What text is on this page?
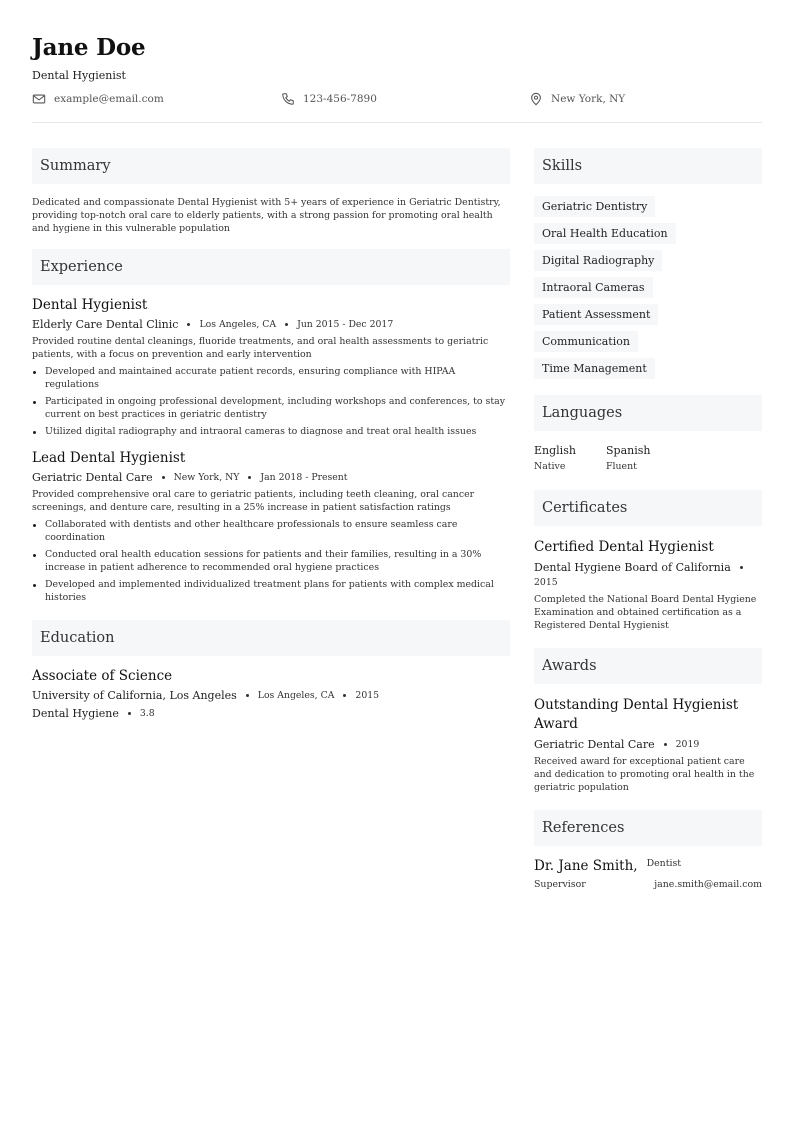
Jane Doe
Dental Hygienist
example@email.com	123-456-7890	New York, NY
Summary
Dedicated and compassionate Dental Hygienist with 5+ years of experience in Geriatric Dentistry, providing top-notch oral care to elderly patients, with a strong passion for promoting oral health and hygiene in this vulnerable population
Experience
Dental Hygienist
Elderly Care Dental Clinic Los Angeles, CA Jun 2015 - Dec 2017
Provided routine dental cleanings, fluoride treatments, and oral health assessments to geriatric patients, with a focus on prevention and early intervention
Developed and maintained accurate patient records, ensuring compliance with HIPAA regulations
Participated in ongoing professional development, including workshops and conferences, to stay current on best practices in geriatric dentistry
Utilized digital radiography and intraoral cameras to diagnose and treat oral health issues
Lead Dental Hygienist
Geriatric Dental Care New York, NY Jan 2018 - Present
Provided comprehensive oral care to geriatric patients, including teeth cleaning, oral cancer screenings, and denture care, resulting in a 25% increase in patient satisfaction ratings
Collaborated with dentists and other healthcare professionals to ensure seamless care coordination
Conducted oral health education sessions for patients and their families, resulting in a 30% increase in patient adherence to recommended oral hygiene practices
Developed and implemented individualized treatment plans for patients with complex medical histories
Education
Associate of Science
University of California, Los Angeles Los Angeles, CA 2015
Dental Hygiene 3.8
Skills
Geriatric Dentistry
Oral Health Education
Digital Radiography
Intraoral Cameras
Patient Assessment
Communication
Time Management
Languages
English
Native
Spanish
Fluent
Certificates
Certified Dental Hygienist
Dental Hygiene Board of California
2015
Completed the National Board Dental Hygiene Examination and obtained certification as a Registered Dental Hygienist
Awards
Outstanding Dental Hygienist Award
Geriatric Dental Care 2019
Received award for exceptional patient care and dedication to promoting oral health in the geriatric population
References
Dr. Jane Smith, Dentist
Supervisor	jane.smith@email.com
